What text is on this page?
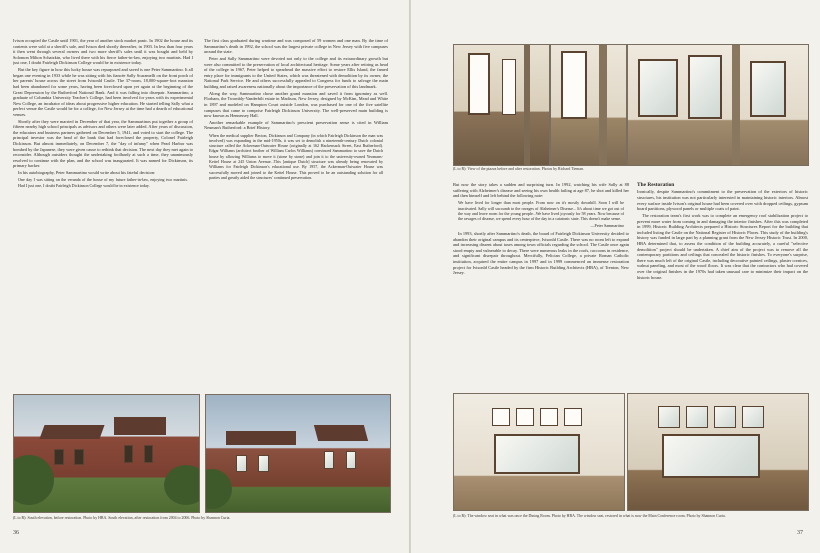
Ivison occupied the Castle until 1901, the year of another stock market panic. In 1902 the house and its contents were sold at a sheriff's sale, and Ivison died shortly thereafter, in 1903. In less than four years it then went through several owners and two more sheriff's sales until it was bought and held by Solomon Milton Schatzkin, who lived there with his fierce father-in-law, enjoying two martinis. Had I just one, I doubt Fairleigh Dickinson College would be in existence today.

But the key figure in how this lucky house was repurposed and saved is one Peter Sammartino. It all began one evening in 1933 while he was sitting with his fiancée Sally Scaramelli on the front porch of her parents' house across the street from Ivisonld Castle. The 37-room, 18,000-square-foot mansion had been abandoned for some years, having been foreclosed upon yet again at the beginning of the Great Depression by the Rutherford National Bank. And it was falling into disrepair. Sammartino, a graduate of Columbia University Teacher's College, had been involved for years with its experimental New College, an incubator of ideas about progressive higher education. He started telling Sally what a perfect venue the Castle would be for a college, for New Jersey at the time had a dearth of educational venues.

Shortly after they were married in December of that year, the Sammartinos put together a group of fifteen nearby high school principals as advisors and others were later added. After years of discussion, the educators and business partners gathered on December 5, 1941, and voted to start the college. The principal investor was the head of the bank that had foreclosed the property, Colonel Fairleigh Dickinson. But almost immediately, on December 7, the "day of infamy" when Pearl Harbor was bombed by the Japanese, they were given cause to rethink that decision. The next day they met again to reconsider. Although outsiders thought the undertaking foolhardy at such a time, they unanimously resolved to continue with the plan, and the school was inaugurated. It was named for Dickinson, its primary backer.

In his autobiography, Peter Sammartino would write about his fateful decision:

One day I was sitting on the veranda of the house of my future father-in-law, enjoying two martinis. Had I just one, I doubt Fairleigh Dickinson College would be in existence today.

The first class graduated during wartime and was composed of 59 women and one man. By the time of Sammartino's death in 1992, the school was the largest private college in New Jersey with five campuses around the state.

Peter and Sally Sammartino were devoted not only to the college and its extraordinary growth but were also committed to the preservation of local architectural heritage. Some years after retiring as head of the college in 1967, Peter helped to spearhead the massive effort to restore Ellis Island, the famed entry place for immigrants to the United States, which was threatened with demolition by its owner, the National Park Service. He and others successfully appealed to Congress for funds to salvage the main building and raised awareness nationally about the importance of the preservation of this landmark.

Along the way, Sammartino chose another grand mansion and saved it from ignominy as well. Florham, the Twombly-Vanderbilt estate in Madison, New Jersey, designed by McKim, Mead and White in 1897 and modeled on Hampton Court outside London, was purchased for one of the five satellite campuses that came to comprise Fairleigh Dickinson University. The well-preserved main building is now known as Hennessey Hall.

Another remarkable example of Sammartino's prescient preservation sense is cited in William Neuman's Rutherford: a Brief History.

When the medical supplier Becton, Dickinson and Company (in which Fairleigh Dickinson the man was involved) was expanding in the mid-1950s, it was set to demolish a nineteenth-century Dutch colonial structure called the Ackerman-Outwater House (originally at 162 Hackensack Street, East Rutherford). Edgar Williams (architect brother of William Carlos Williams) convinced Sammartino to save the Dutch house by allowing Williams to move it (stone by stone) and join it to the university-owned Yeomans-Kettel House at 245 Union Avenue...This [antique Dutch] structure was already being renovated by Williams for Fairleigh Dickinson's educational use. By 1957, the Ackerman-Outwater House was successfully moved and joined to the Kettel House. This proved to be an outstanding solution for all parties and greatly aided the structures' continued preservation.
(L to R): South elevation, before restoration. Photo by HBA. South elevation, after restoration from 2004 to 2006. Photo by Shannon Curia.
36
(L to R): View of the piazza before and after restoration. Photos by Richard Tieman.

But now the story takes a sudden and surprising turn. In 1992, watching his wife Sally at 88 suffering with Alzheimer's disease and seeing his own health failing at age 87, he shot and killed her and then himself and left behind the following note:

We have lived for longer than most people. From now on it's mostly downhill. Soon I will be inactivated. Sally will succumb to the ravages of Alzheimer's Disease... It's about time we got out of the way and leave room for the young people...We have lived joyously for 58 years. Now because of the ravages of disease, we spend every hour of the day in a catatonic state. This doesn't make sense.
—Peter Sammartino

In 1993, shortly after Sammartino's death, the board of Fairleigh Dickinson University decided to abandon their original campus and its centerpiece, Ivisonld Castle. There was no room left to expand and increasing dissent about taxes among town officials regarding the school. The Castle once again stood empty and vulnerable to decay. There were numerous leaks in the roofs, raccoons in residence, and significant disrepair throughout. Mercifully, Felician College, a private Roman Catholic institution, acquired the entire campus in 1997 and in 1999 commenced an immense restoration project for Ivisonld Castle headed by the firm Historic Building Architects (HBA), of Trenton, New Jersey.

The Restoration

Ironically, despite Sammartino's commitment to the preservation of the exteriors of historic structures, his institution was not particularly interested in maintaining historic interiors. Almost every surface inside Ivison's original house had been covered over with dropped ceilings, gypsum board partitions, plywood panels or multiple coats of paint.

The restoration team's first work was to complete an emergency roof stabilization project to prevent more water from coming in and damaging the interior finishes. After this was completed in 1999, Historic Building Architects prepared a Historic Structures Report for the building that included listing the Castle on the National Register of Historic Places. This study of the building's history was funded in large part by a planning grant from the New Jersey Historic Trust. In 2000, HBA determined that, to assess the condition of the building accurately, a careful "selective demolition" project should be undertaken. A chief aim of the project was to remove all the contemporary partitions and ceilings that concealed the historic finishes. To everyone's surprise, there was much left of the original Castle, including decorative painted ceilings, plaster cornices, walnut paneling, and most of the wood floors. It was clear that the contractors who had covered over the original finishes in the 1970s had taken unusual care to minimize their impact on the historic house.

(L to R): The window seat in what was once the Dining Room. Photo by HBA. The window seat, restored in what is now the Main Conference room. Photo by Shannon Curia.
37
